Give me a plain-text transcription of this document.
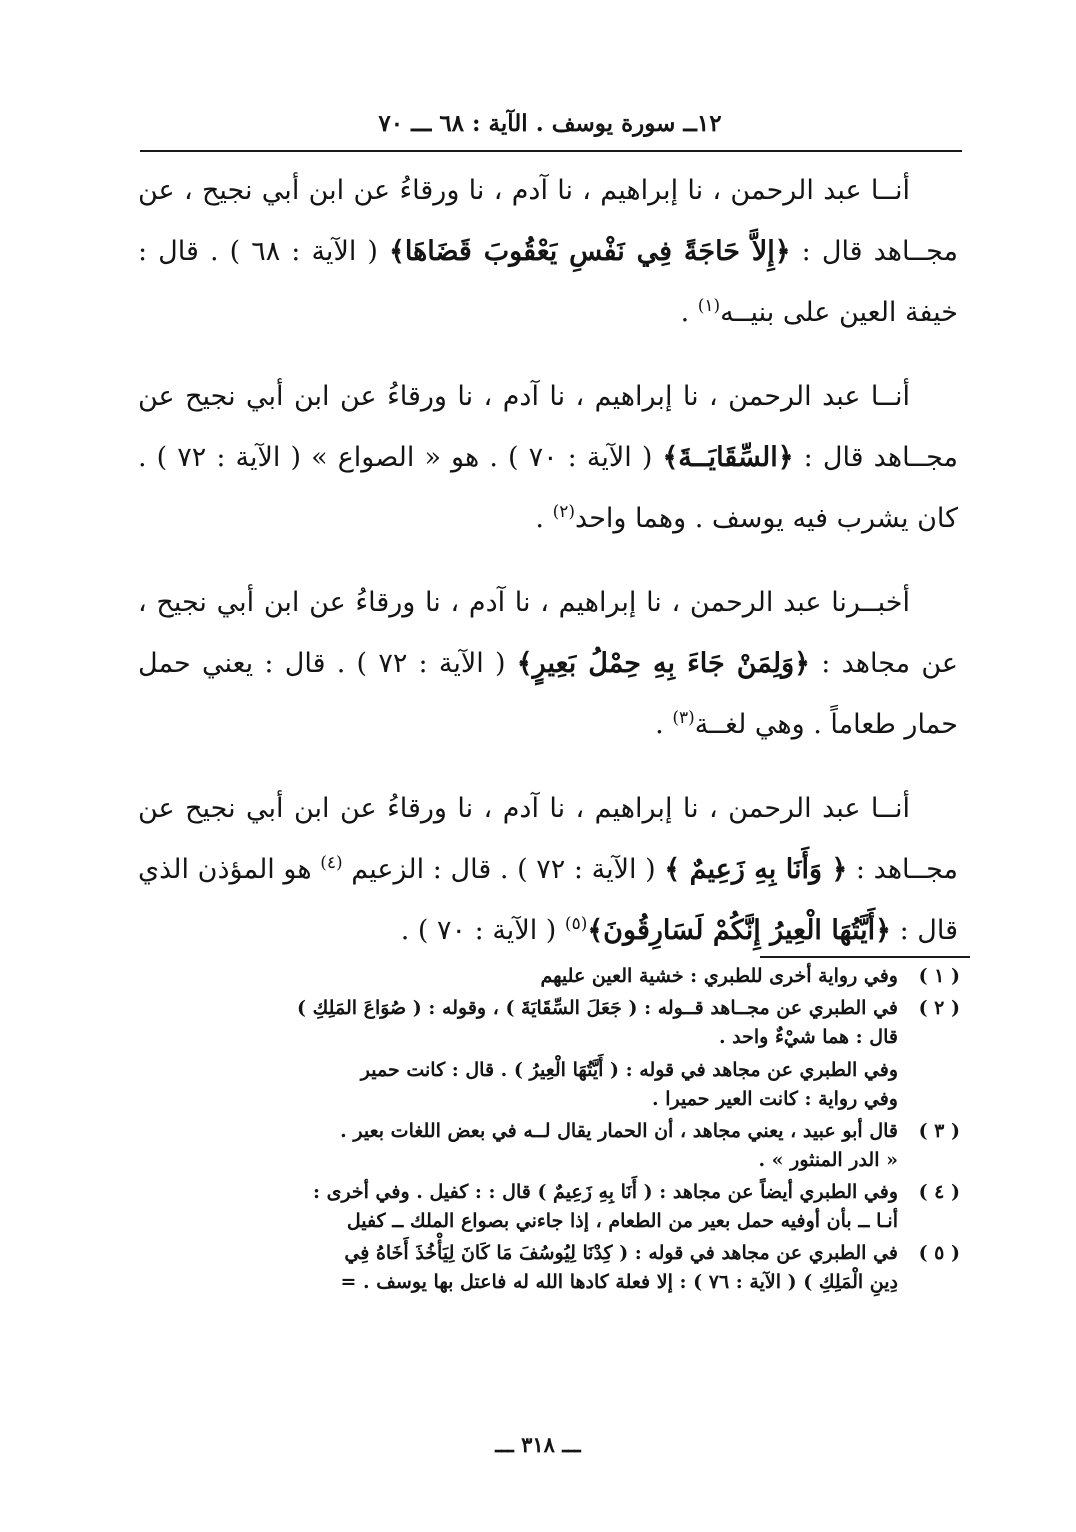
١٢ــ سورة يوسف . الآية : ٦٨ ـــ ٧٠

أنــا عبد الرحمن ، نا إبراهيم ، نا آدم ، نا ورقاءُ عن ابن أبي نجيح ، عن مجــاهد قال : ﴿إِلاَّ حَاجَةً فِي نَفْسِ يَعْقُوبَ قَضَاهَا﴾ ( الآية : ٦٨ ) . قال : خيفة العين على بنيــه$^{(١)}$ .

أنــا عبد الرحمن ، نا إبراهيم ، نا آدم ، نا ورقاءُ عن ابن أبي نجيح عن مجــاهد قال : ﴿السِّقَايَــةَ﴾ ( الآية : ٧٠ ) . هو « الصواع » ( الآية : ٧٢ ) . كان يشرب فيه يوسف . وهما واحد$^{(٢)}$ .

أخبــرنا عبد الرحمن ، نا إبراهيم ، نا آدم ، نا ورقاءُ عن ابن أبي نجيح ، عن مجاهد : ﴿وَلِمَنْ جَاءَ بِهِ حِمْلُ بَعِيرٍ﴾ ( الآية : ٧٢ ) . قال : يعني حمل حمار طعاماً . وهي لغــة$^{(٣)}$ .

أنــا عبد الرحمن ، نا إبراهيم ، نا آدم ، نا ورقاءُ عن ابن أبي نجيح عن مجــاهد : ﴿ وَأَنَا بِهِ زَعِيمٌ ﴾ ( الآية : ٧٢ ) . قال : الزعيم $^{(٤)}$ هو المؤذن الذي قال : ﴿أَيَّتُهَا الْعِيرُ إِنَّكُمْ لَسَارِقُونَ﴾$^{(٥)}$ ( الآية : ٧٠ ) .

( ١ )
وفي رواية أخرى للطبري : خشية العين عليهم
( ٢ )
في الطبري عن مجــاهد قــوله : ( جَعَلَ السِّقَايَةَ ) ، وقوله : ( صُوَاعَ المَلِكِ )
قال : هما شيْءٌ واحد .
وفي الطبري عن مجاهد في قوله : ( أَيَّتُهَا الْعِيرُ ) . قال : كانت حمير
وفي رواية : كانت العير حميرا .
( ٣ )
قال أبو عبيد ، يعني مجاهد ، أن الحمار يقال لــه في بعض اللغات بعير .
« الدر المنثور » .
( ٤ )
وفي الطبري أيضاً عن مجاهد : ( أَنَا بِهِ زَعِيمٌ ) قال : : كفيل . وفي أخرى :
أنـا ــ بأن أوفيه حمل بعير من الطعام ، إذا جاءني بصواع الملك ــ كفيل
( ٥ )
في الطبري عن مجاهد في قوله : ( كِدْنَا لِيُوسُفَ مَا كَانَ لِيَأْخُذَ أَخَاهُ فِي
دِينِ الْمَلِكِ ) ( الآية : ٧٦ ) : إلا فعلة كادها الله له فاعتل بها يوسف . =
ـــ ٣١٨ ـــ
